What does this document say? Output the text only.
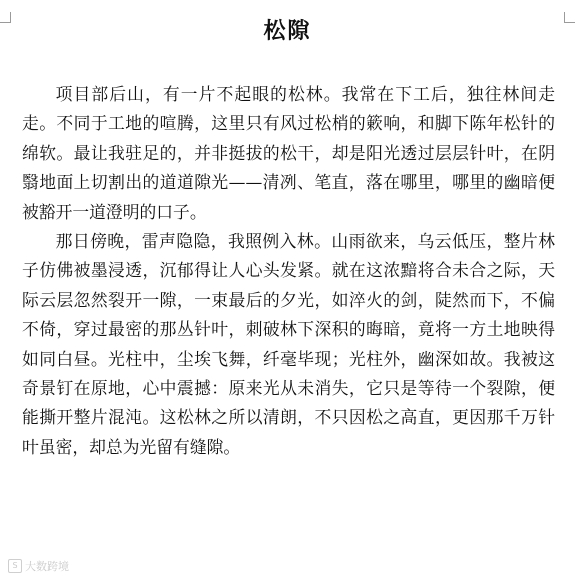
松隙

项目部后山，有一片不起眼的松林。我常在下工后，独往林间走走。不同于工地的喧腾，这里只有风过松梢的簌响，和脚下陈年松针的绵软。最让我驻足的，并非挺拔的松干，却是阳光透过层层针叶，在阴翳地面上切割出的道道隙光——清冽、笔直，落在哪里，哪里的幽暗便被豁开一道澄明的口子。

那日傍晚，雷声隐隐，我照例入林。山雨欲来，乌云低压，整片林子仿佛被墨浸透，沉郁得让人心头发紧。就在这浓黯将合未合之际，天际云层忽然裂开一隙，一束最后的夕光，如淬火的剑，陡然而下，不偏不倚，穿过最密的那丛针叶，刺破林下深积的晦暗，竟将一方土地映得如同白昼。光柱中，尘埃飞舞，纤毫毕现；光柱外，幽深如故。我被这奇景钉在原地，心中震撼：原来光从未消失，它只是等待一个裂隙，便能撕开整片混沌。这松林之所以清朗，不只因松之高直，更因那千万针叶虽密，却总为光留有缝隙。

S 大数跨境
